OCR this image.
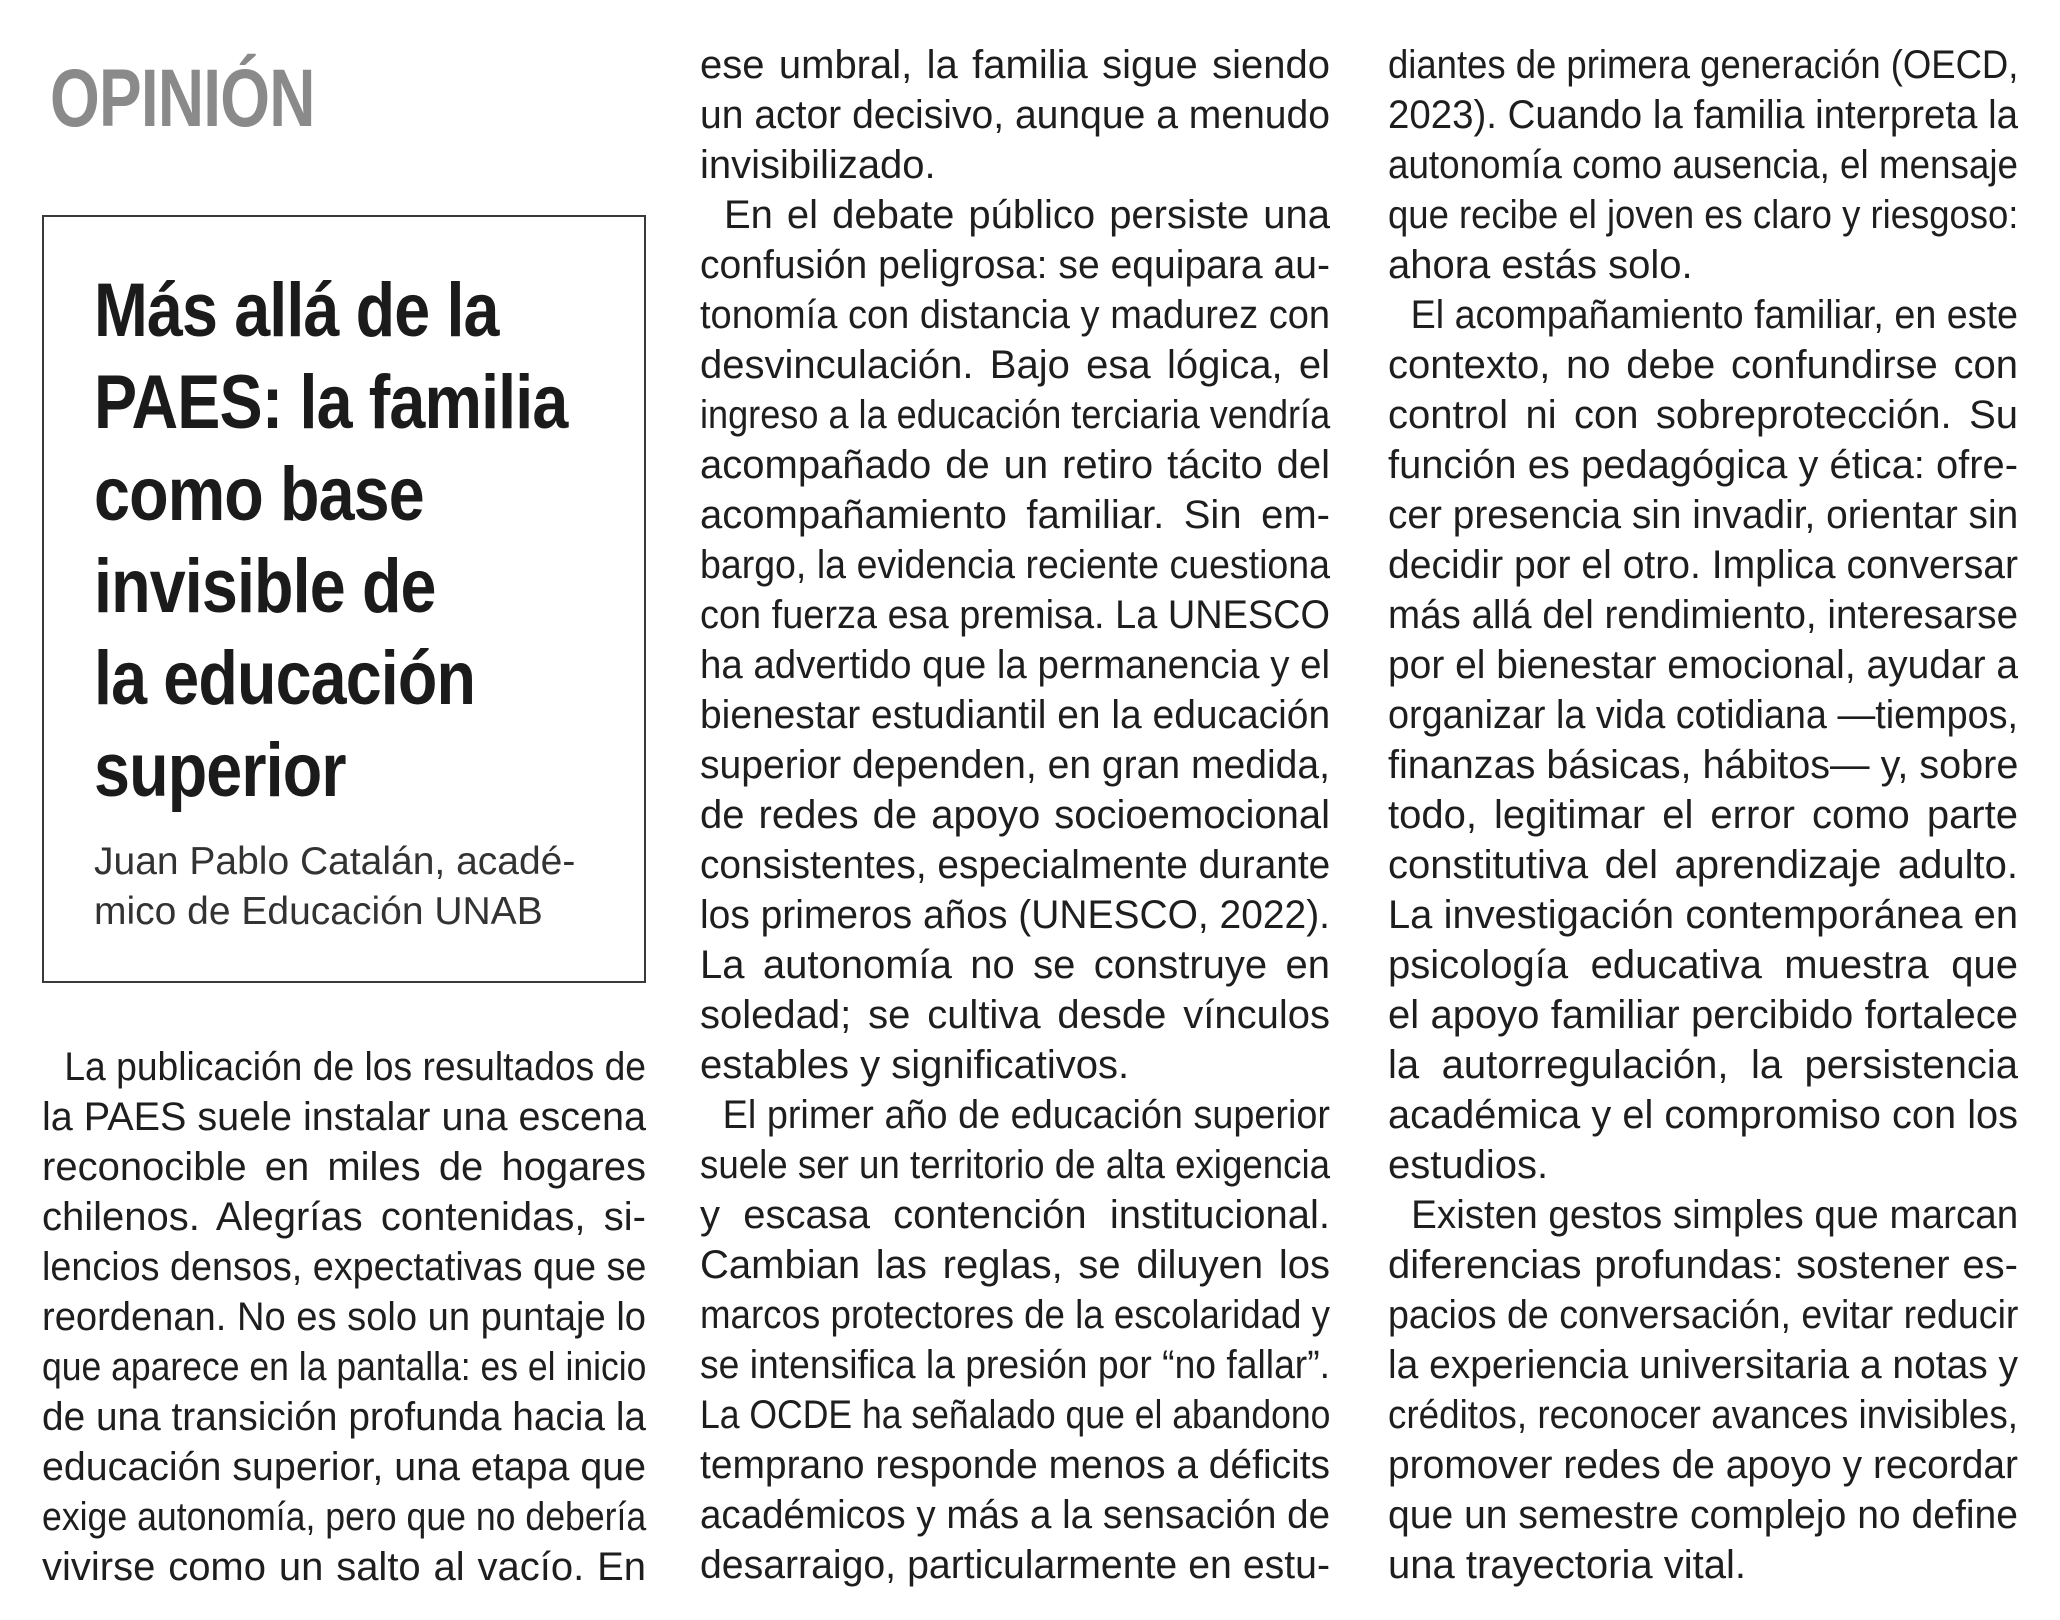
OPINIÓN
Más allá de la
PAES: la familia
como base
invisible de
la educación
superior
Juan Pablo Catalán, acadé-
mico de Educación UNAB
La publicación de los resultados de
la PAES suele instalar una escena
reconocible en miles de hogares
chilenos. Alegrías contenidas, si-
lencios densos, expectativas que se
reordenan. No es solo un puntaje lo
que aparece en la pantalla: es el inicio
de una transición profunda hacia la
educación superior, una etapa que
exige autonomía, pero que no debería
vivirse como un salto al vacío. En
ese umbral, la familia sigue siendo
un actor decisivo, aunque a menudo
invisibilizado.
En el debate público persiste una
confusión peligrosa: se equipara au-
tonomía con distancia y madurez con
desvinculación. Bajo esa lógica, el
ingreso a la educación terciaria vendría
acompañado de un retiro tácito del
acompañamiento familiar. Sin em-
bargo, la evidencia reciente cuestiona
con fuerza esa premisa. La UNESCO
ha advertido que la permanencia y el
bienestar estudiantil en la educación
superior dependen, en gran medida,
de redes de apoyo socioemocional
consistentes, especialmente durante
los primeros años (UNESCO, 2022).
La autonomía no se construye en
soledad; se cultiva desde vínculos
estables y significativos.
El primer año de educación superior
suele ser un territorio de alta exigencia
y escasa contención institucional.
Cambian las reglas, se diluyen los
marcos protectores de la escolaridad y
se intensifica la presión por “no fallar”.
La OCDE ha señalado que el abandono
temprano responde menos a déficits
académicos y más a la sensación de
desarraigo, particularmente en estu-
diantes de primera generación (OECD,
2023). Cuando la familia interpreta la
autonomía como ausencia, el mensaje
que recibe el joven es claro y riesgoso:
ahora estás solo.
El acompañamiento familiar, en este
contexto, no debe confundirse con
control ni con sobreprotección. Su
función es pedagógica y ética: ofre-
cer presencia sin invadir, orientar sin
decidir por el otro. Implica conversar
más allá del rendimiento, interesarse
por el bienestar emocional, ayudar a
organizar la vida cotidiana —tiempos,
finanzas básicas, hábitos— y, sobre
todo, legitimar el error como parte
constitutiva del aprendizaje adulto.
La investigación contemporánea en
psicología educativa muestra que
el apoyo familiar percibido fortalece
la autorregulación, la persistencia
académica y el compromiso con los
estudios.
Existen gestos simples que marcan
diferencias profundas: sostener es-
pacios de conversación, evitar reducir
la experiencia universitaria a notas y
créditos, reconocer avances invisibles,
promover redes de apoyo y recordar
que un semestre complejo no define
una trayectoria vital.
